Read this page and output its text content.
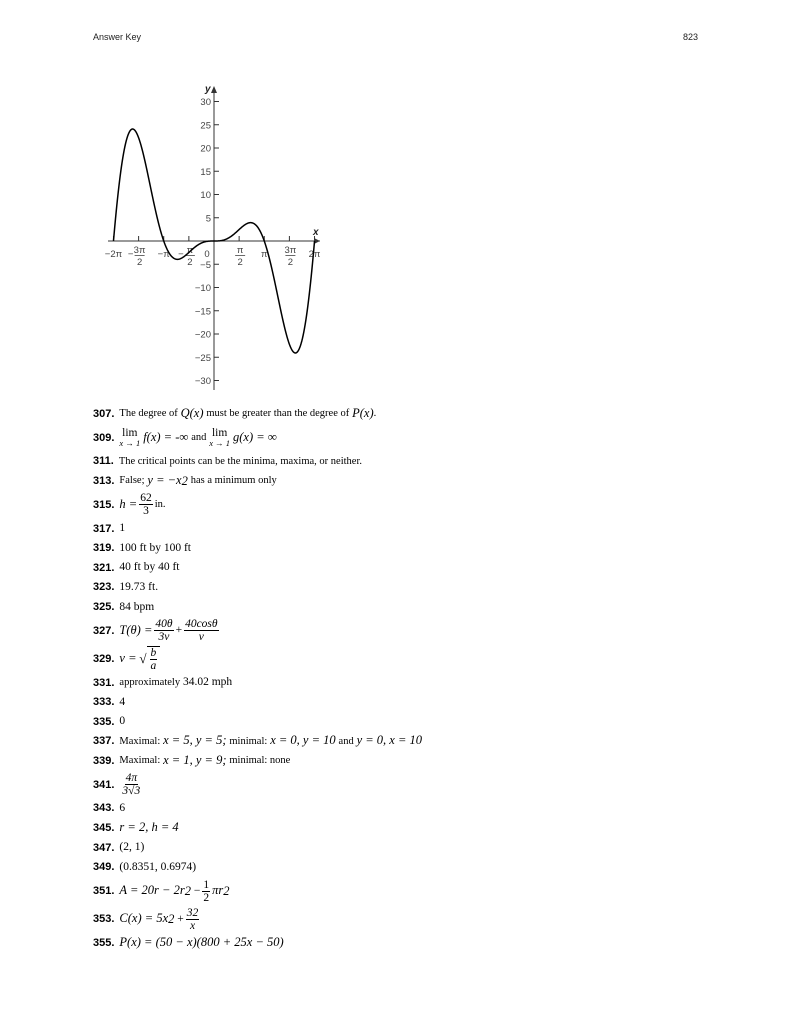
Answer Key	823
x
y
30
25
20
15
10
5
−5
−10
−15
−20
−25
−30
−2π − 3π
2
−π − π
2
0	π
2
π 3π
2
2π
307. The degree of
Q(x)
must be greater than the degree of
P(x) .
309. lim
x → 1 f(x) = -∞
and
lim
x → 1 g(x) = ∞
311. The critical points can be the minima, maxima, or neither.
313. False;
y = −x 2
has a minimum only
315. $h = \frac{62}{3}$ in.
317. 1
319. 100 ft by 100 ft
321. 40 ft by 40 ft
323. 19.73 ft.
325. 84 bpm
327. $T(\theta) = \frac{40\theta}{3v} + \frac{40\cos\theta}{v}$
329. v =
√ $\frac{b}{a}$
331. approximately
34.02 mph
333. 4
335. 0
337. Maximal:
x = 5, y = 5;
minimal:
x = 0, y = 10
and
y = 0, x = 10
339. Maximal:
x = 1, y = 9;
minimal: none
341. $\frac{4\pi}{3√3}$
343. 6
345. r = 2, h = 4
347. (2, 1)
349. (0.8351, 0.6974)
351. A = 20r − 2r 2
− $\frac{1}{2}$ πr 2
353. C(x) = 5x 2
+ $\frac{32}{x}$
355. P(x) = (50 − x)(800 + 25x − 50)
